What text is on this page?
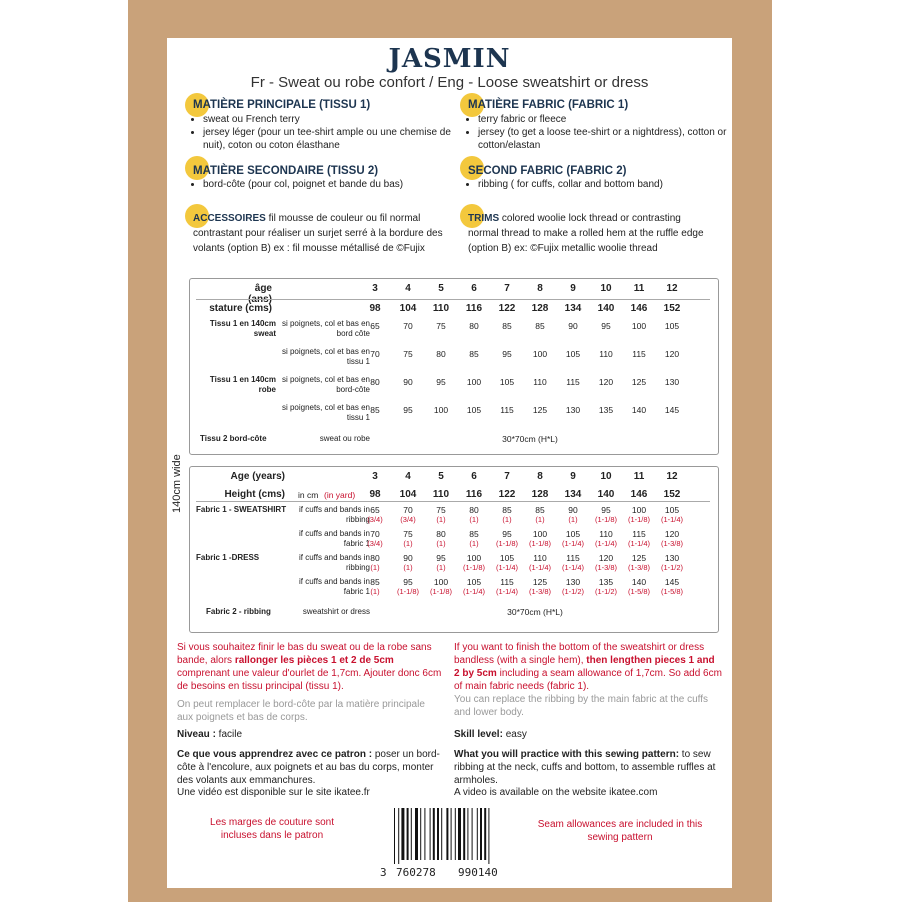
JASMIN
Fr - Sweat ou robe confort / Eng - Loose sweatshirt or dress
MATIÈRE PRINCIPALE (TISSU 1)
• sweat ou French terry
• jersey léger (pour un tee-shirt ample ou une chemise de nuit), coton ou coton élasthane
MATIÈRE SECONDAIRE (TISSU 2)
• bord-côte (pour col, poignet et bande du bas)
ACCESSOIRES fil mousse de couleur ou fil normal contrastant pour réaliser un surjet serré à la bordure des volants (option B) ex : fil mousse métallisé de ©Fujix
MATIÈRE FABRIC (FABRIC 1)
• terry fabric or fleece
• jersey (to get a loose tee-shirt or a nightdress), cotton or cotton/elastan
SECOND FABRIC (FABRIC 2)
• ribbing ( for cuffs, collar and bottom band)
TRIMS colored woolie lock thread or contrasting normal thread to make a rolled hem at the ruffle edge (option B) ex: ©Fujix metallic woolie thread
âge (ans)
stature (cms)
3	4	5	6	7	8	9	10	11	12
98	104	110	116	122	128	134	140	146	152
Tissu 1 en 140cm sweat
si poignets, col et bas en bord côte
65	70	75	80	85	85	90	95	100	105
si poignets, col et bas en tissu 1
70	75	80	85	95	100	105	110	115	120
Tissu 1 en 140cm robe
si poignets, col et bas en bord-côte
80	90	95	100	105	110	115	120	125	130
si poignets, col et bas en tissu 1
85	95	100	105	115	125	130	135	140	145
Tissu 2 bord-côte	sweat ou robe	30*70cm (H*L)
140cm wide	Age (years)
Height (cms) in cm (in yard)
3	4	5	6	7	8	9	10	11	12
98	104	110	116	122	128	134	140	146	152
Fabric 1 - SWEATSHIRT	if cuffs and bands in ribbing
65	70	75	80	85	85	90	95	100	105
(3/4)	(3/4)	(1)	(1)	(1)	(1)	(1)	(1-1/8)	(1-1/8)	(1-1/4)
if cuffs and bands in fabric 1
70	75	80	85	95	100	105	110	115	120
(3/4)	(1)	(1)	(1)	(1-1/8)	(1-1/8)	(1-1/4)	(1-1/4)	(1-1/4)	(1-3/8)
Fabric 1 -DRESS	if cuffs and bands in ribbing
80	90	95	100	105	110	115	120	125	130
(1)	(1)	(1)	(1-1/8)	(1-1/4)	(1-1/4)	(1-1/4)	(1-3/8)	(1-3/8)	(1-1/2)
if cuffs and bands in fabric 1
85	95	100	105	115	125	130	135	140	145
(1)	(1-1/8)	(1-1/8)	(1-1/4)	(1-1/4)	(1-3/8)	(1-1/2)	(1-1/2)	(1-5/8)	(1-5/8)
Fabric 2 - ribbing	sweatshirt or dress	30*70cm (H*L)
Si vous souhaitez finir le bas du sweat ou de la robe sans bande, alors rallonger les pièces 1 et 2 de 5cm comprenant une valeur d'ourlet de 1,7cm. Ajouter donc 6cm de besoins en tissu principal (tissu 1).
On peut remplacer le bord-côte par la matière principale aux poignets et bas de corps.
Niveau : facile
Ce que vous apprendrez avec ce patron : poser un bord-côte à l'encolure, aux poignets et au bas du corps, monter des volants aux emmanchures.
Une vidéo est disponible sur le site ikatee.fr
If you want to finish the bottom of the sweatshirt or dress bandless (with a single hem), then lengthen pieces 1 and 2 by 5cm including a seam allowance of 1,7cm. So add 6cm of main fabric needs (fabric 1).
You can replace the ribbing by the main fabric at the cuffs and lower body.
Skill level: easy
What you will practice with this sewing pattern: to sew ribbing at the neck, cuffs and bottom, to assemble ruffles at armholes.
A video is available on the website ikatee.com
Les marges de couture sont incluses dans le patron
Seam allowances are included in this sewing pattern
3 760278 990140
